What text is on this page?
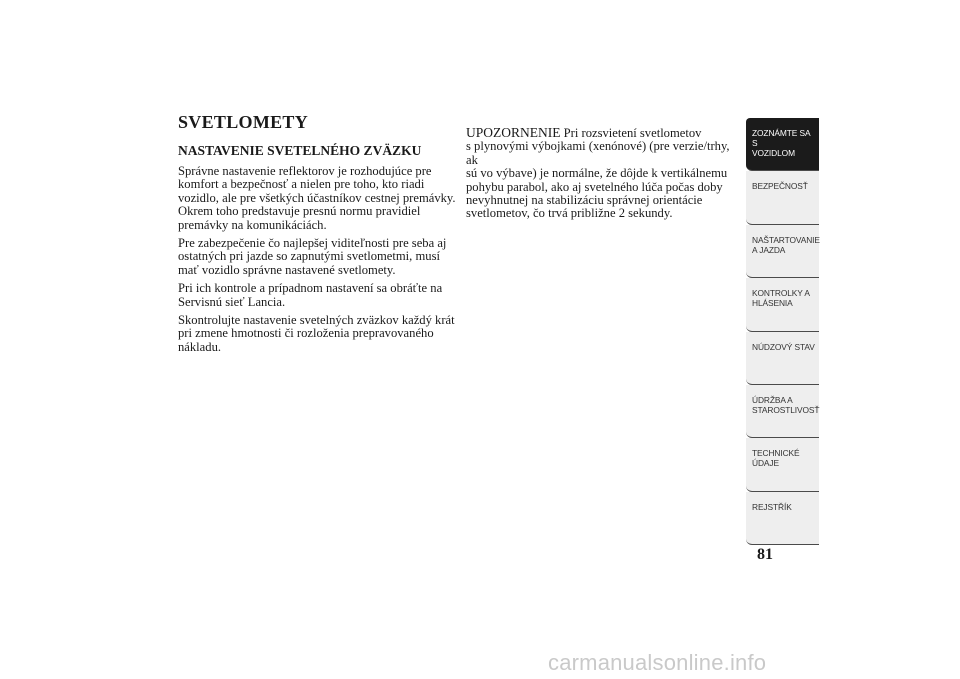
SVETLOMETY
NASTAVENIE SVETELNÉHO ZVÄZKU

Správne nastavenie reflektorov je rozhodujúce pre
komfort a bezpečnosť a nielen pre toho, kto riadi
vozidlo, ale pre všetkých účastníkov cestnej premávky.
Okrem toho predstavuje presnú normu pravidiel
premávky na komunikáciách.

Pre zabezpečenie čo najlepšej viditeľnosti pre seba aj
ostatných pri jazde so zapnutými svetlometmi, musí
mať vozidlo správne nastavené svetlomety.

Pri ich kontrole a prípadnom nastavení sa obráťte na
Servisnú sieť Lancia.

Skontrolujte nastavenie svetelných zväzkov každý krát
pri zmene hmotnosti či rozloženia prepravovaného
nákladu.

UPOZORNENIE Pri rozsvietení svetlometov
s plynovými výbojkami (xenónové) (pre verzie/trhy, ak
sú vo výbave) je normálne, že dôjde k vertikálnemu
pohybu parabol, ako aj svetelného lúča počas doby
nevyhnutnej na stabilizáciu správnej orientácie
svetlometov, čo trvá približne 2 sekundy.

ZOZNÁMTE SA S
VOZIDLOM
BEZPEČNOSŤ
NAŠTARTOVANIE
A JAZDA
KONTROLKY A
HLÁSENIA
NÚDZOVÝ STAV
ÚDRŽBA A
STAROSTLIVOSŤ
TECHNICKÉ
ÚDAJE
REJSTŘÍK
81
carmanualsonline.info
